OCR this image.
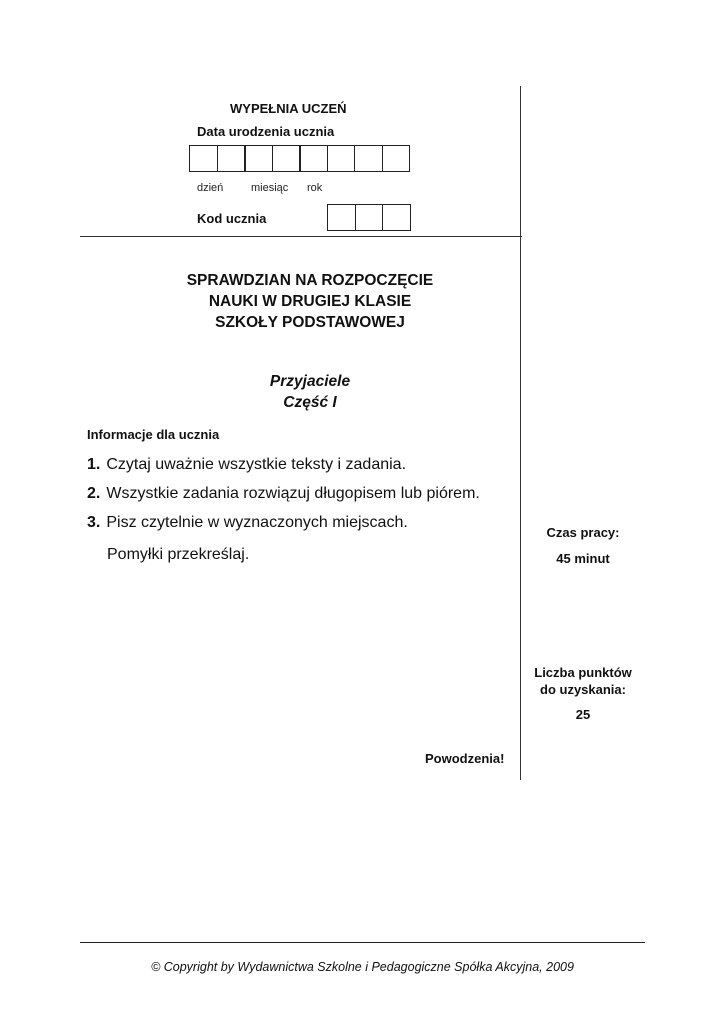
WYPEŁNIA UCZEŃ
Data urodzenia ucznia
dzień	miesiąc rok
Kod ucznia
SPRAWDZIAN NA ROZPOCZĘCIE
NAUKI W DRUGIEJ KLASIE
SZKOŁY PODSTAWOWEJ
Przyjaciele
Część I
Informacje dla ucznia
1. Czytaj uważnie wszystkie teksty i zadania.
2. Wszystkie zadania rozwiązuj długopisem lub piórem.
3. Pisz czytelnie w wyznaczonych miejscach.
Pomyłki przekreślaj.
Czas pracy:
45 minut
Liczba punktów
do uzyskania:
25
Powodzenia!
© Copyright by Wydawnictwa Szkolne i Pedagogiczne Spółka Akcyjna, 2009
